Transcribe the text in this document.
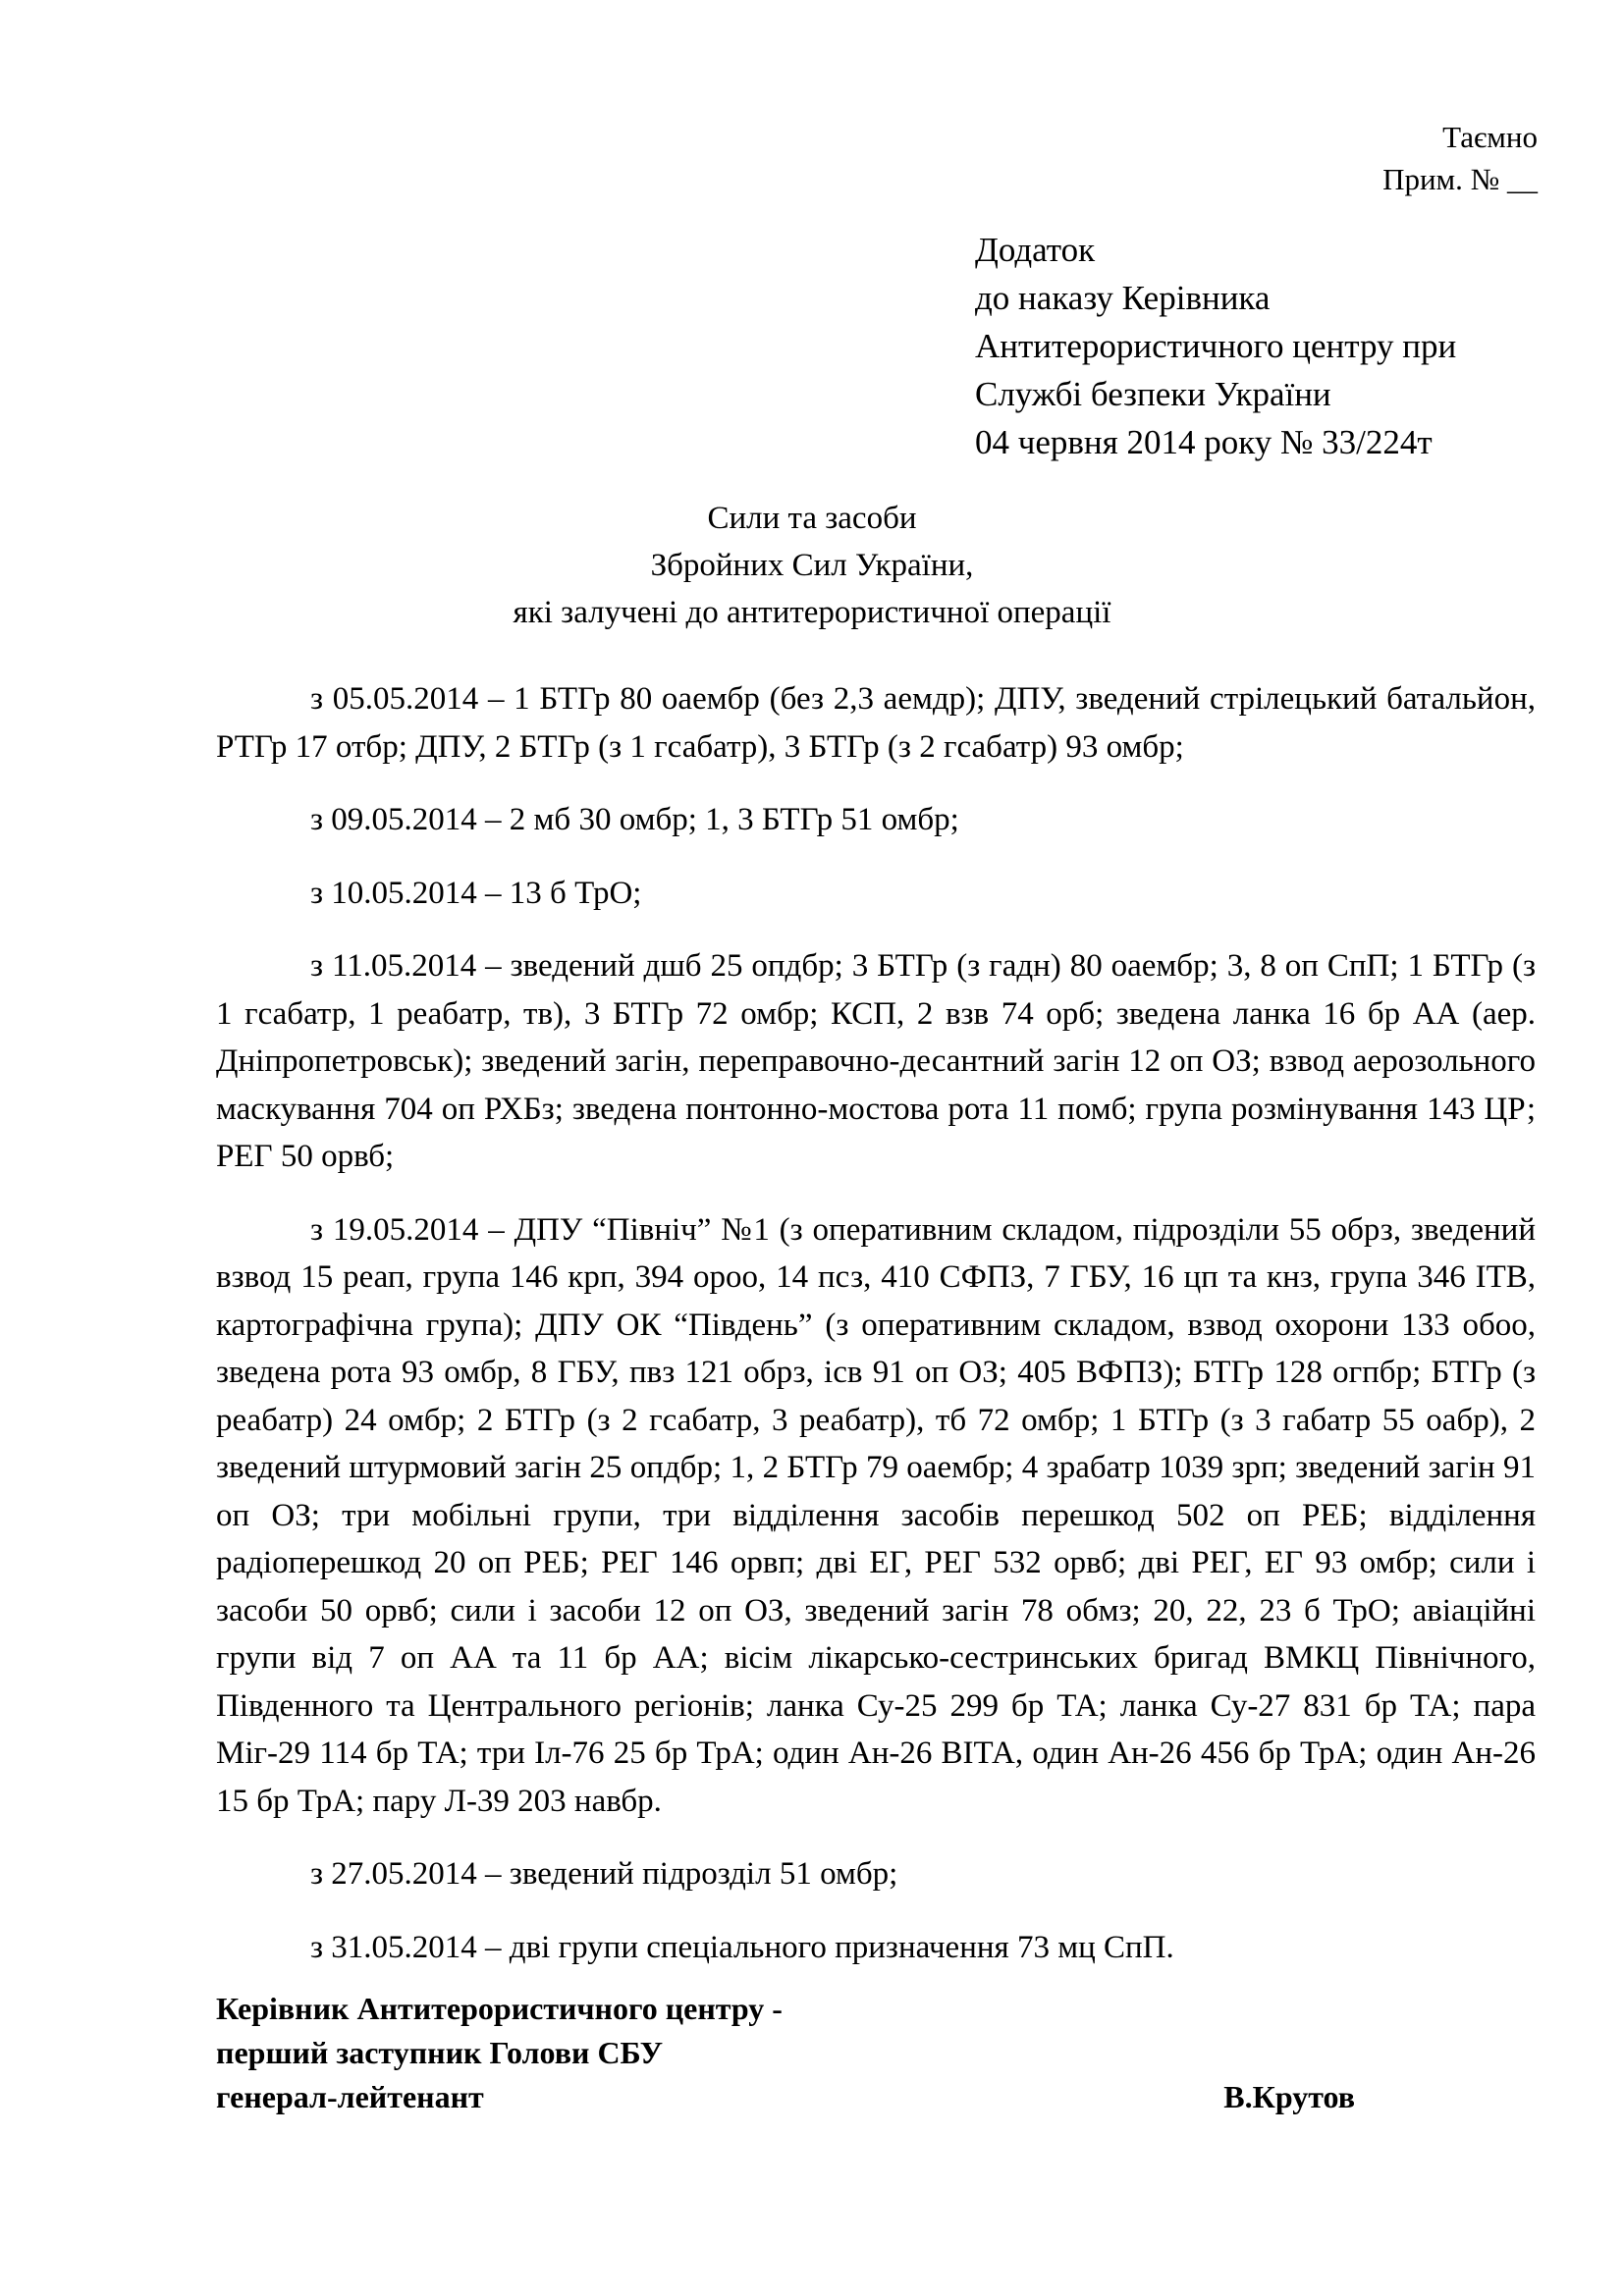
Таємно
Прим. № __
Додаток
до наказу Керівника
Антитерористичного центру при
Службі безпеки України
04 червня 2014 року № 33/224т
Сили та засоби
Збройних Сил України,
які залучені до антитерористичної операції

з 05.05.2014 – 1 БТГр 80 оаембр (без 2,3 аемдр); ДПУ, зведений стрілецький батальйон, РТГр 17 отбр; ДПУ, 2 БТГр (з 1 гсабатр), 3 БТГр (з 2 гсабатр) 93 омбр;

з 09.05.2014 – 2 мб 30 омбр; 1, 3 БТГр 51 омбр;

з 10.05.2014 – 13 б ТрО;

з 11.05.2014 – зведений дшб 25 опдбр; 3 БТГр (з гадн) 80 оаембр; 3, 8 оп СпП; 1 БТГр (з 1 гсабатр, 1 реабатр, тв), 3 БТГр 72 омбр; КСП, 2 взв 74 орб; зведена ланка 16 бр АА (аер. Дніпропетровськ); зведений загін, переправочно-десантний загін 12 оп ОЗ; взвод аерозольного маскування 704 оп РХБз; зведена понтонно-мостова рота 11 помб; група розмінування 143 ЦР; РЕГ 50 орвб;

з 19.05.2014 – ДПУ “Північ” №1 (з оперативним складом, підрозділи 55 обрз, зведений взвод 15 реап, група 146 крп, 394 ороо, 14 псз, 410 СФПЗ, 7 ГБУ, 16 цп та кнз, група 346 ІТВ, картографічна група); ДПУ ОК “Південь” (з оперативним складом, взвод охорони 133 обоо, зведена рота 93 омбр, 8 ГБУ, пвз 121 обрз, ісв 91 оп ОЗ; 405 ВФПЗ); БТГр 128 огпбр; БТГр (з реабатр) 24 омбр; 2 БТГр (з 2 гсабатр, 3 реабатр), тб 72 омбр; 1 БТГр (з 3 габатр 55 оабр), 2 зведений штурмовий загін 25 опдбр; 1, 2 БТГр 79 оаембр; 4 зрабатр 1039 зрп; зведений загін 91 оп ОЗ; три мобільні групи, три відділення засобів перешкод 502 оп РЕБ; відділення радіоперешкод 20 оп РЕБ; РЕГ 146 орвп; дві ЕГ, РЕГ 532 орвб; дві РЕГ, ЕГ 93 омбр; сили і засоби 50 орвб; сили і засоби 12 оп ОЗ, зведений загін 78 обмз; 20, 22, 23 б ТрО; авіаційні групи від 7 оп АА та 11 бр АА; вісім лікарсько-сестринських бригад ВМКЦ Північного, Південного та Центрального регіонів; ланка Су-25 299 бр ТА; ланка Су-27 831 бр ТА; пара Міг-29 114 бр ТА; три Іл-76 25 бр ТрА; один Ан-26 ВІТА, один Ан-26 456 бр ТрА; один Ан-26 15 бр ТрА; пару Л-39 203 навбр.

з 27.05.2014 – зведений підрозділ 51 омбр;

з 31.05.2014 – дві групи спеціального призначення 73 мц СпП.

Керівник Антитерористичного центру -
перший заступник Голови СБУ
генерал-лейтенант	В.Крутов
